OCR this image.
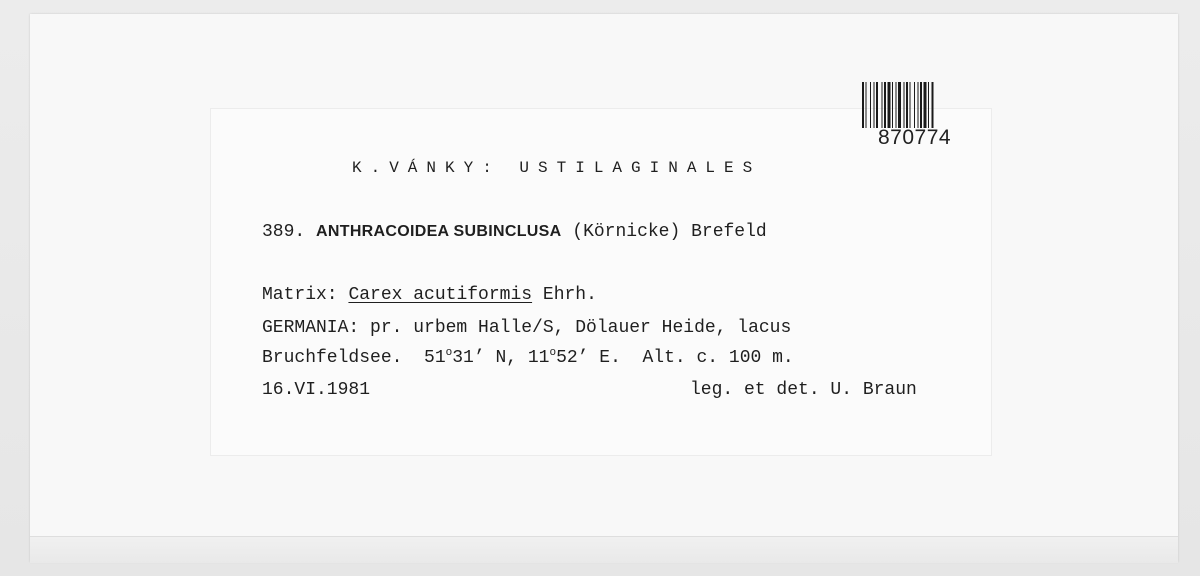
870774
K.VÁNKY: USTILAGINALES
389. ANTHRACOIDEA SUBINCLUSA (Körnicke) Brefeld
Matrix: Carex acutiformis Ehrh.
GERMANIA: pr. urbem Halle/S, Dölauer Heide, lacus
Bruchfeldsee.  51$^o$31’ N, 11$^o$52’ E.  Alt. c. 100 m.
16.VI.1981	leg. et det. U. Braun
